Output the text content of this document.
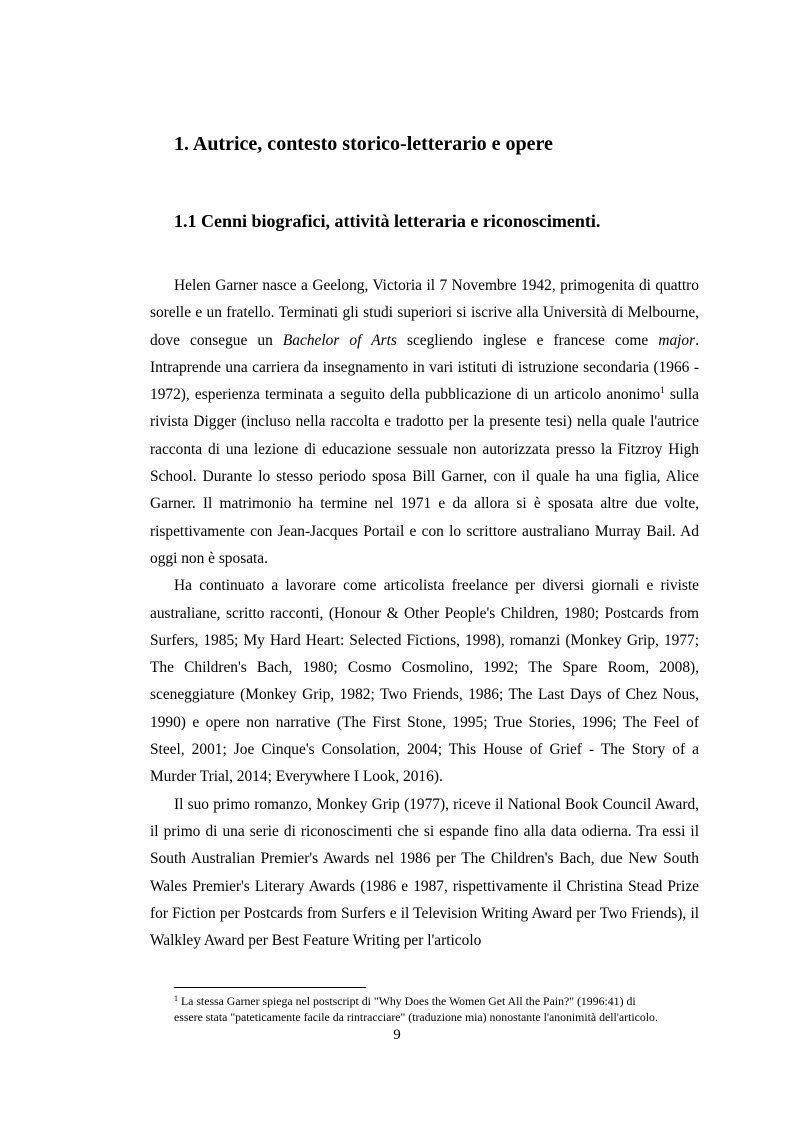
1. Autrice, contesto storico-letterario e opere
1.1 Cenni biografici, attività letteraria e riconoscimenti.

Helen Garner nasce a Geelong, Victoria il 7 Novembre 1942, primogenita di quattro sorelle e un fratello. Terminati gli studi superiori si iscrive alla Università di Melbourne, dove consegue un Bachelor of Arts scegliendo inglese e francese come major. Intraprende una carriera da insegnamento in vari istituti di istruzione secondaria (1966 - 1972), esperienza terminata a seguito della pubblicazione di un articolo anonimo$^1$ sulla rivista Digger (incluso nella raccolta e tradotto per la presente tesi) nella quale l'autrice racconta di una lezione di educazione sessuale non autorizzata presso la Fitzroy High School. Durante lo stesso periodo sposa Bill Garner, con il quale ha una figlia, Alice Garner. Il matrimonio ha termine nel 1971 e da allora si è sposata altre due volte, rispettivamente con Jean-Jacques Portail e con lo scrittore australiano Murray Bail. Ad oggi non è sposata.

Ha continuato a lavorare come articolista freelance per diversi giornali e riviste australiane, scritto racconti, (Honour & Other People's Children, 1980; Postcards from Surfers, 1985; My Hard Heart: Selected Fictions, 1998), romanzi (Monkey Grip, 1977; The Children's Bach, 1980; Cosmo Cosmolino, 1992; The Spare Room, 2008), sceneggiature (Monkey Grip, 1982; Two Friends, 1986; The Last Days of Chez Nous, 1990) e opere non narrative (The First Stone, 1995; True Stories, 1996; The Feel of Steel, 2001; Joe Cinque's Consolation, 2004; This House of Grief - The Story of a Murder Trial, 2014; Everywhere I Look, 2016).

Il suo primo romanzo, Monkey Grip (1977), riceve il National Book Council Award, il primo di una serie di riconoscimenti che si espande fino alla data odierna. Tra essi il South Australian Premier's Awards nel 1986 per The Children's Bach, due New South Wales Premier's Literary Awards (1986 e 1987, rispettivamente il Christina Stead Prize for Fiction per Postcards from Surfers e il Television Writing Award per Two Friends), il Walkley Award per Best Feature Writing per l'articolo

$^1$ La stessa Garner spiega nel postscript di "Why Does the Women Get All the Pain?" (1996:41) di
essere stata "pateticamente facile da rintracciare" (traduzione mia) nonostante l'anonimità dell'articolo.
9
